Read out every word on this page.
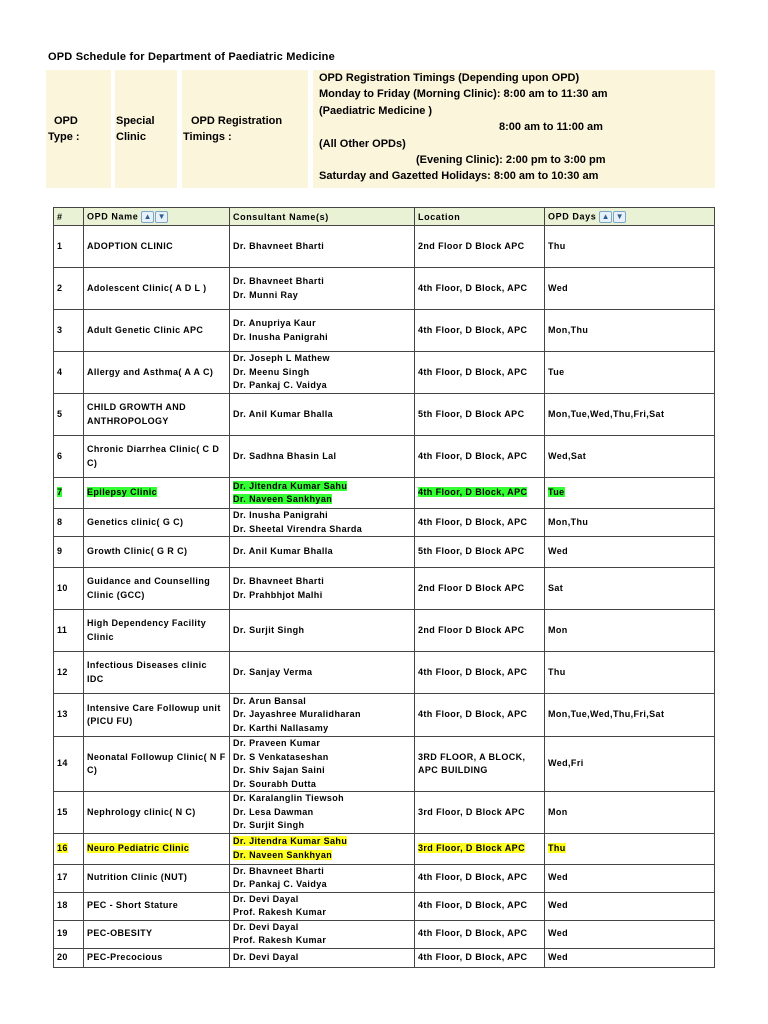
OPD Schedule for Department of Paediatric Medicine
OPD Type :
Special Clinic
OPD Registration Timings :
OPD Registration Timings (Depending upon OPD)
Monday to Friday (Morning Clinic): 8:00 am to 11:30 am
(Paediatric Medicine )
8:00 am to 11:00 am
(All Other OPDs)
(Evening Clinic): 2:00 pm to 3:00 pm
Saturday and Gazetted Holidays: 8:00 am to 10:30 am
#	OPD Name ▲ ▼	Consultant Name(s)	Location	OPD Days ▲ ▼
1	ADOPTION CLINIC	Dr. Bhavneet Bharti	2nd Floor D Block APC	Thu
2	Adolescent Clinic( A D L )	Dr. Bhavneet Bharti
Dr. Munni Ray	4th Floor, D Block, APC	Wed
3	Adult Genetic Clinic APC	Dr. Anupriya Kaur
Dr. Inusha Panigrahi	4th Floor, D Block, APC	Mon,Thu
4	Allergy and Asthma( A A C)	Dr. Joseph L Mathew
Dr. Meenu Singh
Dr. Pankaj C. Vaidya	4th Floor, D Block, APC	Tue
5	CHILD GROWTH AND ANTHROPOLOGY	Dr. Anil Kumar Bhalla	5th Floor, D Block APC	Mon,Tue,Wed,Thu,Fri,Sat
6	Chronic Diarrhea Clinic( C D C)	Dr. Sadhna Bhasin Lal	4th Floor, D Block, APC	Wed,Sat
7	Epilepsy Clinic	Dr. Jitendra Kumar Sahu
Dr. Naveen Sankhyan	4th Floor, D Block, APC	Tue
8	Genetics clinic( G C)	Dr. Inusha Panigrahi
Dr. Sheetal Virendra Sharda	4th Floor, D Block, APC	Mon,Thu
9	Growth Clinic( G R C)	Dr. Anil Kumar Bhalla	5th Floor, D Block APC	Wed
10	Guidance and Counselling Clinic (GCC)	Dr. Bhavneet Bharti
Dr. Prahbhjot Malhi	2nd Floor D Block APC	Sat
11	High Dependency Facility Clinic	Dr. Surjit Singh	2nd Floor D Block APC	Mon
12	Infectious Diseases clinic IDC	Dr. Sanjay Verma	4th Floor, D Block, APC	Thu
13	Intensive Care Followup unit (PICU FU)	Dr. Arun Bansal
Dr. Jayashree Muralidharan
Dr. Karthi Nallasamy	4th Floor, D Block, APC	Mon,Tue,Wed,Thu,Fri,Sat
14	Neonatal Followup Clinic( N F C)	Dr. Praveen Kumar
Dr. S Venkataseshan
Dr. Shiv Sajan Saini
Dr. Sourabh Dutta	3RD FLOOR, A BLOCK, APC BUILDING	Wed,Fri
15	Nephrology clinic( N C)	Dr. Karalanglin Tiewsoh
Dr. Lesa Dawman
Dr. Surjit Singh	3rd Floor, D Block APC	Mon
16	Neuro Pediatric Clinic	Dr. Jitendra Kumar Sahu
Dr. Naveen Sankhyan	3rd Floor, D Block APC	Thu
17	Nutrition Clinic (NUT)	Dr. Bhavneet Bharti
Dr. Pankaj C. Vaidya	4th Floor, D Block, APC	Wed
18	PEC - Short Stature	Dr. Devi Dayal
Prof. Rakesh Kumar	4th Floor, D Block, APC	Wed
19	PEC-OBESITY	Dr. Devi Dayal
Prof. Rakesh Kumar	4th Floor, D Block, APC	Wed
20	PEC-Precocious	Dr. Devi Dayal	4th Floor, D Block, APC	Wed
